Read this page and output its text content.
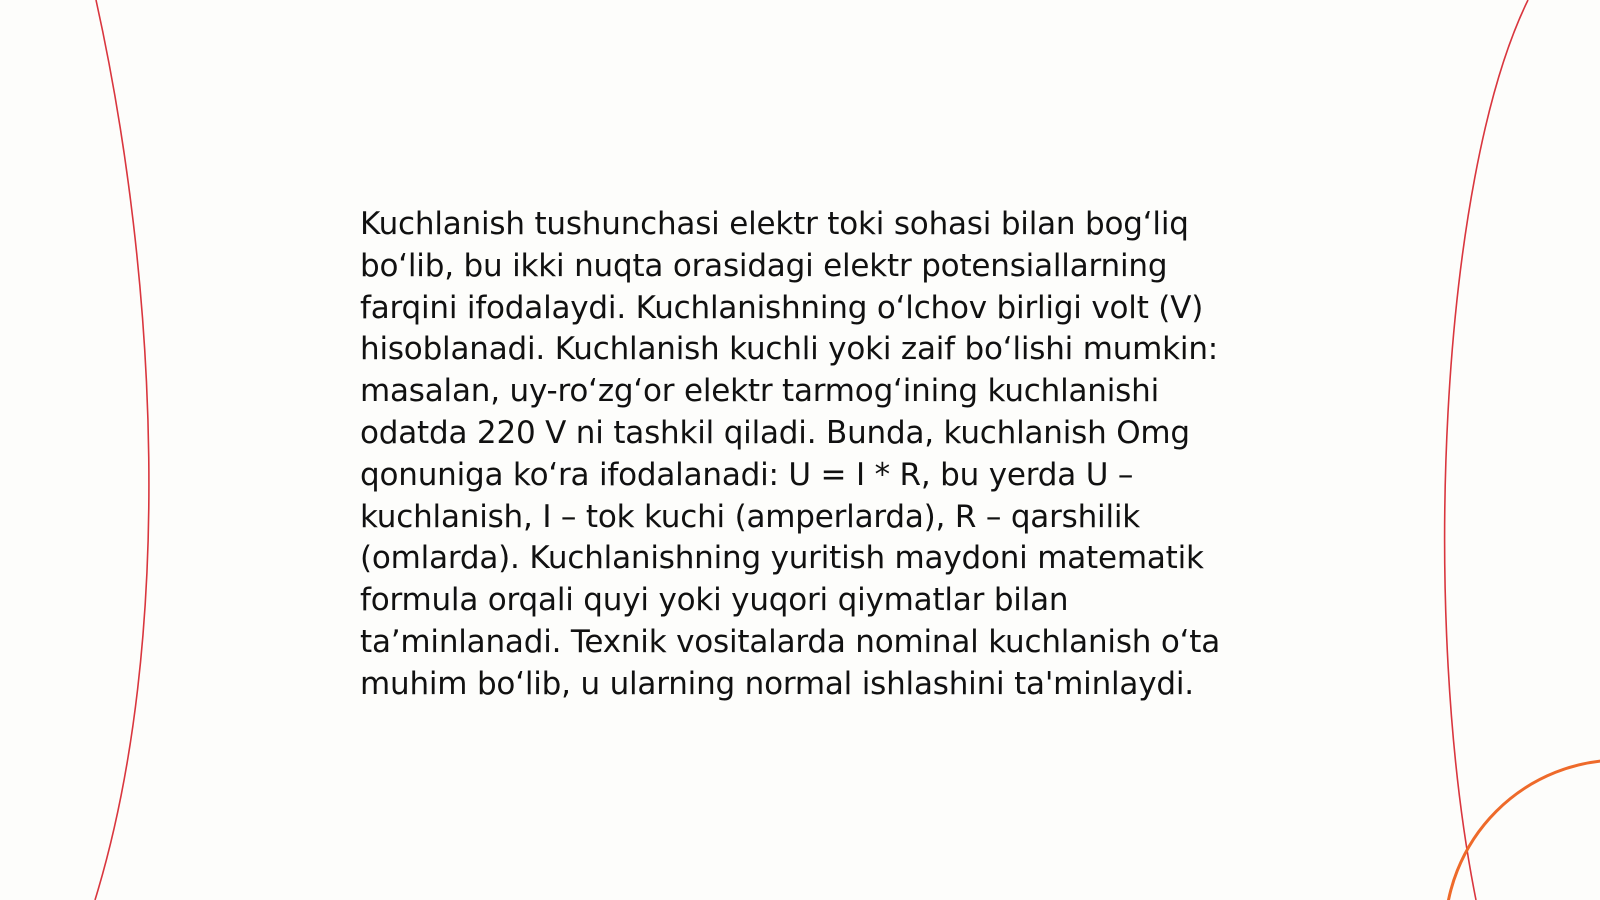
Kuchlanish tushunchasi elektr toki sohasi bilan bog‘liq bo‘lib, bu ikki nuqta orasidagi elektr potensiallarning farqini ifodalaydi. Kuchlanishning o‘lchov birligi volt (V) hisoblanadi. Kuchlanish kuchli yoki zaif bo‘lishi mumkin: masalan, uy-ro‘zg‘or elektr tarmog‘ining kuchlanishi odatda 220 V ni tashkil qiladi. Bunda, kuchlanish Omg qonuniga ko‘ra ifodalanadi: U = I * R, bu yerda U – kuchlanish, I – tok kuchi (amperlarda), R – qarshilik (omlarda). Kuchlanishning yuritish maydoni matematik formula orqali quyi yoki yuqori qiymatlar bilan ta’minlanadi. Texnik vositalarda nominal kuchlanish o‘ta muhim bo‘lib, u ularning normal ishlashini ta'minlaydi.
